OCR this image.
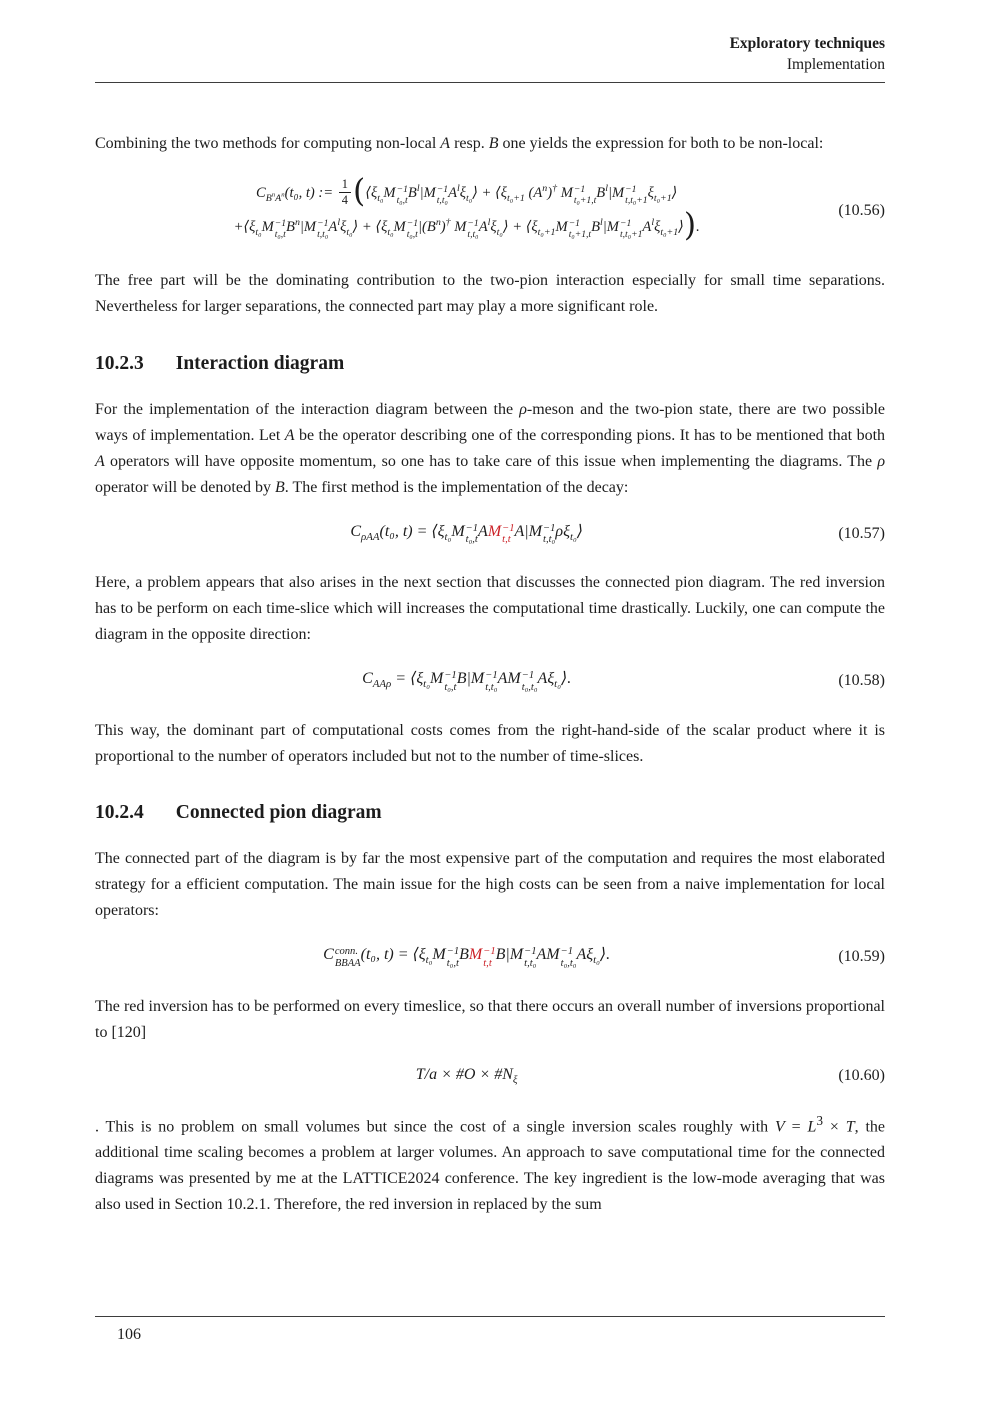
Exploratory techniques
Implementation

Combining the two methods for computing non-local A resp. B one yields the expression for both to be non-local:

$C_{B^nA^n}(t_0$, t) := $\frac{1}{4}$ ($⟨\xi_{t_0}M -1$
t₀,t $B^l|M -1$
t,t₀ $A^l\xi_{t_0}⟩$ + $⟨\xi_{t_0+1}$ $(A^n)^\dagger$ M −1
t₀+1,t $B^l|M -1$
t,t₀+1 $\xi_{t_0+1}⟩$
$+⟨\xi_{t_0}M -1$
t₀,t $B^n|M -1$
t,t₀ $A^l\xi_{t_0}⟩$ + $⟨\xi_{t_0}M -1$
t₀,t $|(B^n)^\dagger$ M −1
t,t₀ $A^l\xi_{t_0}⟩$ + $⟨\xi_{t_0+1}M -1$
t₀+1,t $B^l|M -1$
t,t₀+1 $A^l\xi_{t_0+1}⟩$).
(10.56)

The free part will be the dominating contribution to the two-pion interaction especially for small time separations. Nevertheless for larger separations, the connected part may play a more significant role.

10.2.3 Interaction diagram

For the implementation of the interaction diagram between the ρ-meson and the two-pion state, there are two possible ways of implementation. Let A be the operator describing one of the corresponding pions. It has to be mentioned that both A operators will have opposite momentum, so one has to take care of this issue when implementing the diagrams. The ρ operator will be denoted by B. The first method is the implementation of the decay:

$C_{\rho AA}(t_0$, $t) = ⟨\xi_{t_0}M -1$
t₀,t
AM −1
t,t
A|M −1
t,t₀
$\rho\xi_{t_0}⟩$	(10.57)

Here, a problem appears that also arises in the next section that discusses the connected pion diagram. The red inversion has to be perform on each time-slice which will increases the computational time drastically. Luckily, one can compute the diagram in the opposite direction:

$C_{AA\rho}$ = $⟨\xi_{t_0}M -1$
t₀,t
B|M −1
t,t₀
AM −1
t₀,t₀
$A\xi_{t_0}⟩$.	(10.58)

This way, the dominant part of computational costs comes from the right-hand-side of the scalar product where it is proportional to the number of operators included but not to the number of time-slices.

10.2.4 Connected pion diagram

The connected part of the diagram is by far the most expensive part of the computation and requires the most elaborated strategy for a efficient computation. The main issue for the high costs can be seen from a naive implementation for local operators:

C conn.
BBAA
(t₀, $t) = ⟨\xi_{t_0}M -1$
t₀,t
BM −1
t,t
B|M −1
t,t₀
AM −1
t₀,t₀
$A\xi_{t_0}⟩$.	(10.59)

The red inversion has to be performed on every timeslice, so that there occurs an overall number of inversions proportional to [120]

T/a × #O × $\#N_\xi$	(10.60)

. This is no problem on small volumes but since the cost of a single inversion scales roughly with $V = L^3 \times T$, the additional time scaling becomes a problem at larger volumes. An approach to save computational time for the connected diagrams was presented by me at the LATTICE2024 conference. The key ingredient is the low-mode averaging that was also used in Section 10.2.1. Therefore, the red inversion in replaced by the sum

106
